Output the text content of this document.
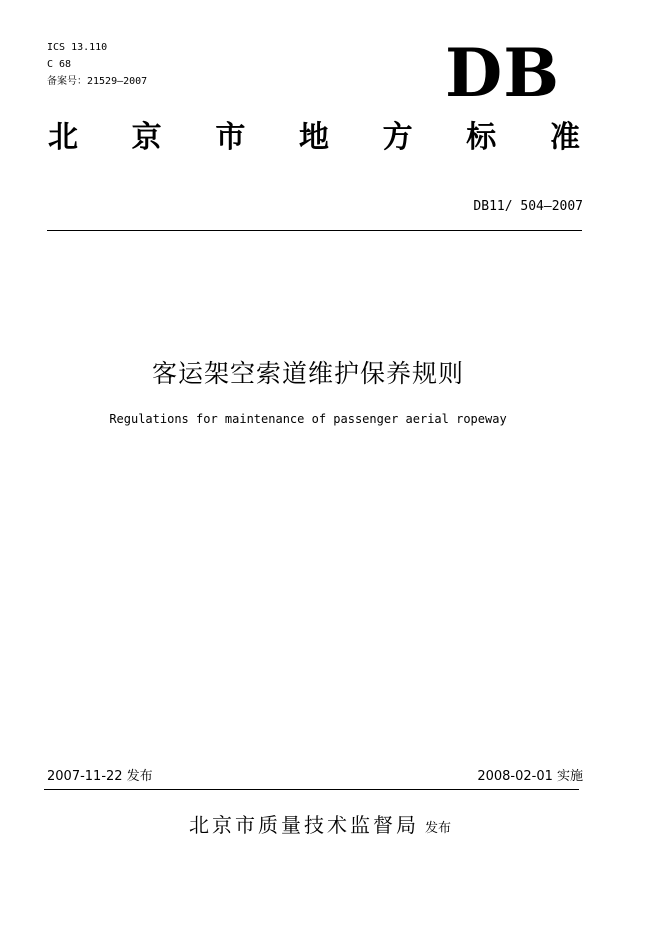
ICS 13.110
C 68
备案号：21529—2007	DB
北 京 市 地 方 标 准
DB11/ 504—2007
客运架空索道维护保养规则
Regulations for maintenance of passenger aerial ropeway
2007-11-22 发布	2008-02-01 实施
北京市质量技术监督局 发布
